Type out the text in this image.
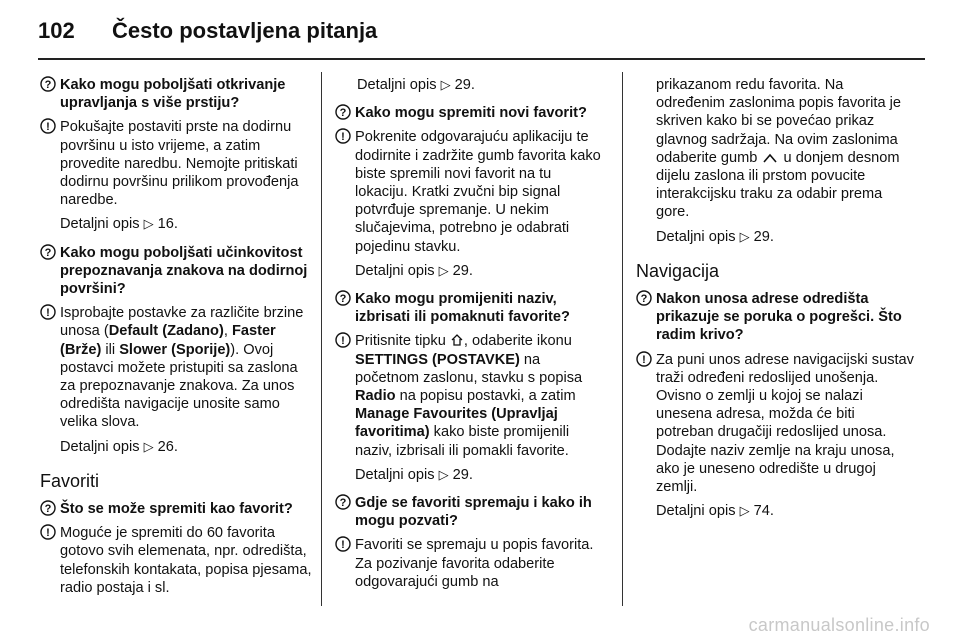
102 Često postavljena pitanja
? Kako mogu poboljšati otkrivanje upravljanja s više prstiju?
! Pokušajte postaviti prste na dodirnu površinu u isto vrijeme, a zatim provedite naredbu. Nemojte pritiskati dodirnu površinu prilikom provođenja naredbe.
Detaljni opis ▷ 16.
? Kako mogu poboljšati učinkovitost prepoznavanja znakova na dodirnoj površini?
! Isprobajte postavke za različite brzine unosa (Default (Zadano), Faster (Brže) ili Slower (Sporije)). Ovoj postavci možete pristupiti sa zaslona za prepoznavanje znakova. Za unos odredišta navigacije unosite samo velika slova.
Detaljni opis ▷ 26.
Favoriti
? Što se može spremiti kao favorit?
! Moguće je spremiti do 60 favorita gotovo svih elemenata, npr. odredišta, telefonskih kontakata, popisa pjesama, radio postaja i sl.
Detaljni opis ▷ 29.
? Kako mogu spremiti novi favorit?
! Pokrenite odgovarajuću aplikaciju te dodirnite i zadržite gumb favorita kako biste spremili novi favorit na tu lokaciju. Kratki zvučni bip signal potvrđuje spremanje. U nekim slučajevima, potrebno je odabrati pojedinu stavku.
Detaljni opis ▷ 29.
? Kako mogu promijeniti naziv, izbrisati ili pomaknuti favorite?
! Pritisnite tipku , odaberite ikonu SETTINGS (POSTAVKE) na početnom zaslonu, stavku s popisa Radio na popisu postavki, a zatim Manage Favourites (Upravljaj favoritima) kako biste promijenili naziv, izbrisali ili pomakli favorite.
Detaljni opis ▷ 29.
? Gdje se favoriti spremaju i kako ih mogu pozvati?
! Favoriti se spremaju u popis favorita. Za pozivanje favorita odaberite odgovarajući gumb na
prikazanom redu favorita. Na određenim zaslonima popis favorita je skriven kako bi se povećao prikaz glavnog sadržaja. Na ovim zaslonima odaberite gumb  u donjem desnom dijelu zaslona ili prstom povucite interakcijsku traku za odabir prema gore.
Detaljni opis ▷ 29.
Navigacija
? Nakon unosa adrese odredišta prikazuje se poruka o pogrešci. Što radim krivo?
! Za puni unos adrese navigacijski sustav traži određeni redoslijed unošenja. Ovisno o zemlji u kojoj se nalazi unesena adresa, možda će biti potreban drugačiji redoslijed unosa. Dodajte naziv zemlje na kraju unosa, ako je uneseno odredište u drugoj zemlji.
Detaljni opis ▷ 74.
carmanualsonline.info
